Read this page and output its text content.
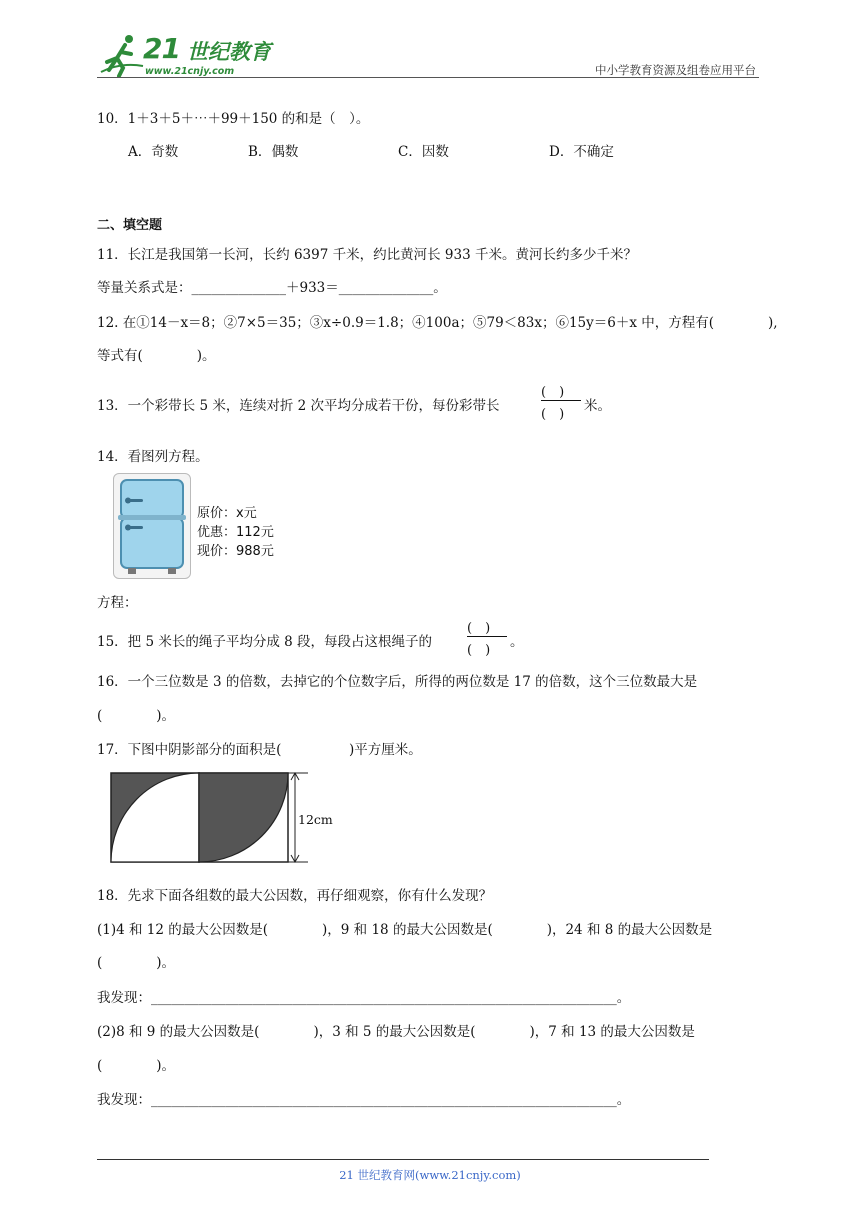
21 世纪教育
www.21cnjy.com	中小学教育资源及组卷应用平台
10．1＋3＋5＋⋯＋99＋150 的和是（　）。
A．奇数	B．偶数	C．因数	D．不确定
二、填空题
11．长江是我国第一长河，长约 6397 千米，约比黄河长 933 千米。黄河长约多少千米？
等量关系式是：______________＋933＝______________。
12. 在①14－x＝8；②7×5＝35；③x÷0.9＝1.8；④100a；⑤79＜83x；⑥15y＝6＋x 中，方程有(　　　　),
等式有(　　　　)。
13．一个彩带长 5 米，连续对折 2 次平均分成若干份，每份彩带长
(　)
(　)
米。
14．看图列方程。
原价：x元
优惠：112元
现价：988元
方程：
15．把 5 米长的绳子平均分成 8 段，每段占这根绳子的
(　)
(　)
。
16．一个三位数是 3 的倍数，去掉它的个位数字后，所得的两位数是 17 的倍数，这个三位数最大是
(　　　　)。
17．下图中阴影部分的面积是(　　　　　)平方厘米。
12cm
18．先求下面各组数的最大公因数，再仔细观察，你有什么发现？
(1)4 和 12 的最大公因数是(　　　　)，9 和 18 的最大公因数是(　　　　)，24 和 8 的最大公因数是
(　　　　)。
我发现：_____________________________________________________________________。
(2)8 和 9 的最大公因数是(　　　　)，3 和 5 的最大公因数是(　　　　)，7 和 13 的最大公因数是
(　　　　)。
我发现：_____________________________________________________________________。
21 世纪教育网(www.21cnjy.com)
